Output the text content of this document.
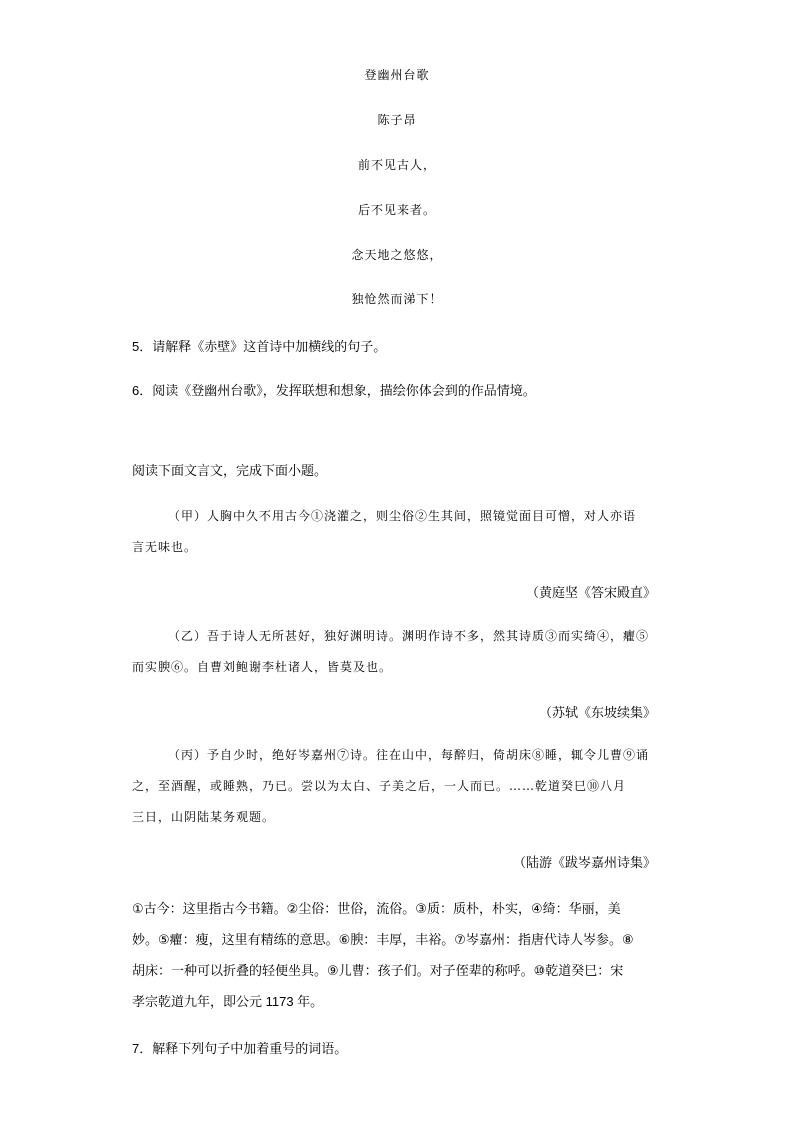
登幽州台歌
陈子昂
前不见古人，
后不见来者。
念天地之悠悠，
独怆然而涕下！
5．请解释《赤壁》这首诗中加横线的句子。
6．阅读《登幽州台歌》，发挥联想和想象，描绘你体会到的作品情境。
阅读下面文言文，完成下面小题。
（甲）人胸中久不用古今①浇灌之，则尘俗②生其间，照镜觉面目可憎，对人亦语
言无味也。
（黄庭坚《答宋殿直》
（乙）吾于诗人无所甚好，独好渊明诗。渊明作诗不多，然其诗质③而实绮④，癯⑤
而实腴⑥。自曹刘鲍谢李杜诸人，皆莫及也。
（苏轼《东坡续集》
（丙）予自少时，绝好岑嘉州⑦诗。往在山中，每醉归，倚胡床⑧睡，辄令儿曹⑨诵
之，至酒醒，或睡熟，乃已。尝以为太白、子美之后，一人而已。……乾道癸巳⑩八月
三日，山阴陆某务观题。
（陆游《跋岑嘉州诗集》
①古今：这里指古今书籍。②尘俗：世俗，流俗。③质：质朴，朴实，④绮：华丽，美
妙。⑤癯：瘦，这里有精练的意思。⑥腴：丰厚，丰裕。⑦岑嘉州：指唐代诗人岑参。⑧
胡床：一种可以折叠的轻便坐具。⑨儿曹：孩子们。对子侄辈的称呼。⑩乾道癸巳：宋
孝宗乾道九年，即公元 1173 年。
7．解释下列句子中加着重号的词语。
